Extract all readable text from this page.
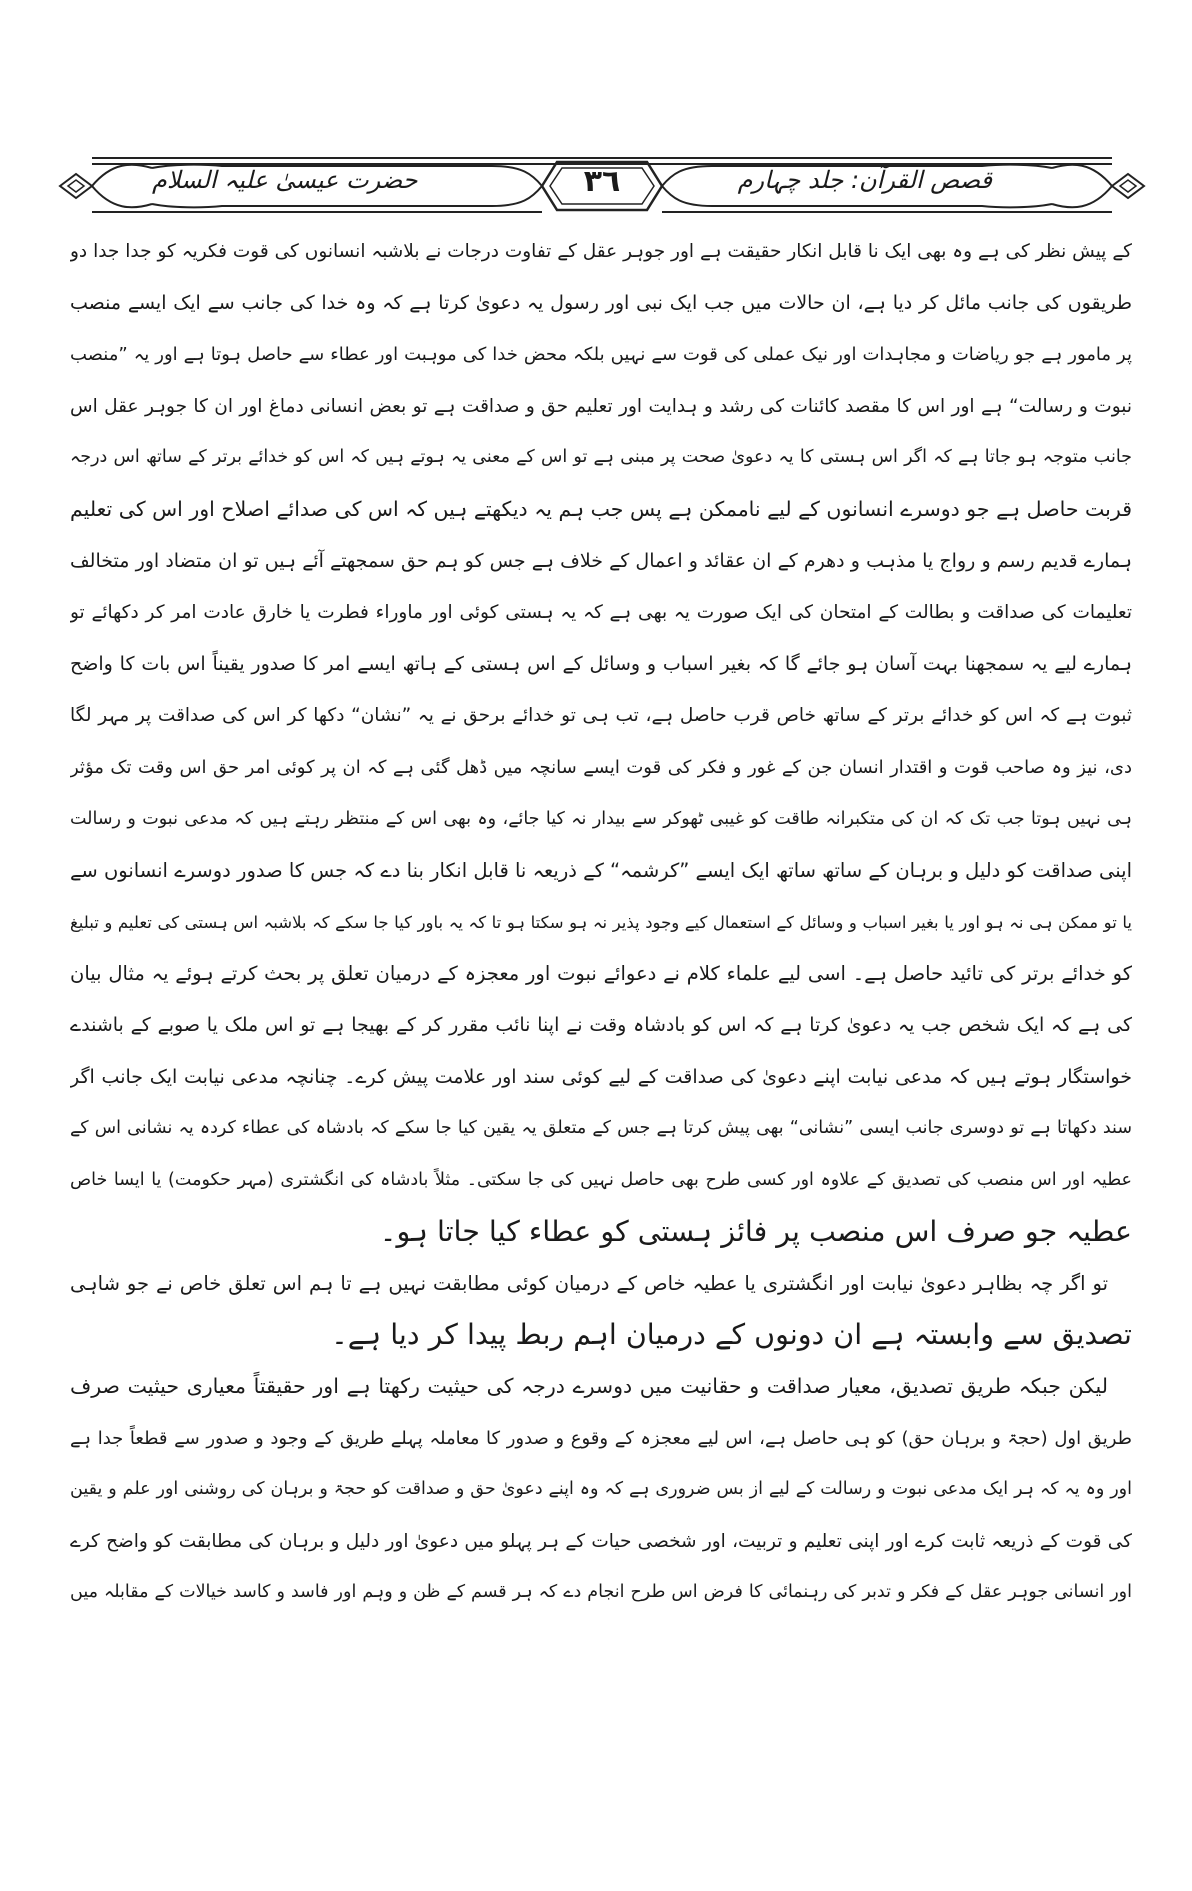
قصص القرآن: جلد چہارم
٣٦
حضرت عیسیٰ علیہ السلام
کے پیش نظر کی ہے وہ بھی ایک نا قابل انکار حقیقت ہے اور جوہر عقل کے تفاوت درجات نے بلاشبہ انسانوں کی قوت فکریہ کو جدا جدا دو
طریقوں کی جانب مائل کر دیا ہے، ان حالات میں جب ایک نبی اور رسول یہ دعویٰ کرتا ہے کہ وہ خدا کی جانب سے ایک ایسے منصب
پر مامور ہے جو ریاضات و مجاہدات اور نیک عملی کی قوت سے نہیں بلکہ محض خدا کی موہبت اور عطاء سے حاصل ہوتا ہے اور یہ ”منصب
نبوت و رسالت“ ہے اور اس کا مقصد کائنات کی رشد و ہدایت اور تعلیم حق و صداقت ہے تو بعض انسانی دماغ اور ان کا جوہر عقل اس
جانب متوجہ ہو جاتا ہے کہ اگر اس ہستی کا یہ دعویٰ صحت پر مبنی ہے تو اس کے معنی یہ ہوتے ہیں کہ اس کو خدائے برتر کے ساتھ اس درجہ
قربت حاصل ہے جو دوسرے انسانوں کے لیے ناممکن ہے پس جب ہم یہ دیکھتے ہیں کہ اس کی صدائے اصلاح اور اس کی تعلیم
ہمارے قدیم رسم و رواج یا مذہب و دھرم کے ان عقائد و اعمال کے خلاف ہے جس کو ہم حق سمجھتے آئے ہیں تو ان متضاد اور متخالف
تعلیمات کی صداقت و بطالت کے امتحان کی ایک صورت یہ بھی ہے کہ یہ ہستی کوئی اور ماوراء فطرت یا خارق عادت امر کر دکھائے تو
ہمارے لیے یہ سمجھنا بہت آسان ہو جائے گا کہ بغیر اسباب و وسائل کے اس ہستی کے ہاتھ ایسے امر کا صدور یقیناً اس بات کا واضح
ثبوت ہے کہ اس کو خدائے برتر کے ساتھ خاص قرب حاصل ہے، تب ہی تو خدائے برحق نے یہ ”نشان“ دکھا کر اس کی صداقت پر مہر لگا
دی، نیز وہ صاحب قوت و اقتدار انسان جن کے غور و فکر کی قوت ایسے سانچہ میں ڈھل گئی ہے کہ ان پر کوئی امر حق اس وقت تک مؤثر
ہی نہیں ہوتا جب تک کہ ان کی متکبرانہ طاقت کو غیبی ٹھوکر سے بیدار نہ کیا جائے، وہ بھی اس کے منتظر رہتے ہیں کہ مدعی نبوت و رسالت
اپنی صداقت کو دلیل و برہان کے ساتھ ساتھ ایک ایسے ”کرشمہ“ کے ذریعہ نا قابل انکار بنا دے کہ جس کا صدور دوسرے انسانوں سے
یا تو ممکن ہی نہ ہو اور یا بغیر اسباب و وسائل کے استعمال کیے وجود پذیر نہ ہو سکتا ہو تا کہ یہ باور کیا جا سکے کہ بلاشبہ اس ہستی کی تعلیم و تبلیغ
کو خدائے برتر کی تائید حاصل ہے۔ اسی لیے علماء کلام نے دعوائے نبوت اور معجزہ کے درمیان تعلق پر بحث کرتے ہوئے یہ مثال بیان
کی ہے کہ ایک شخص جب یہ دعویٰ کرتا ہے کہ اس کو بادشاہ وقت نے اپنا نائب مقرر کر کے بھیجا ہے تو اس ملک یا صوبے کے باشندے
خواستگار ہوتے ہیں کہ مدعی نیابت اپنے دعویٰ کی صداقت کے لیے کوئی سند اور علامت پیش کرے۔ چنانچہ مدعی نیابت ایک جانب اگر
سند دکھاتا ہے تو دوسری جانب ایسی ”نشانی“ بھی پیش کرتا ہے جس کے متعلق یہ یقین کیا جا سکے کہ بادشاہ کی عطاء کردہ یہ نشانی اس کے
عطیہ اور اس منصب کی تصدیق کے علاوہ اور کسی طرح بھی حاصل نہیں کی جا سکتی۔ مثلاً بادشاہ کی انگشتری (مہر حکومت) یا ایسا خاص
عطیہ جو صرف اس منصب پر فائز ہستی کو عطاء کیا جاتا ہو۔
تو اگر چہ بظاہر دعویٰ نیابت اور انگشتری یا عطیہ خاص کے درمیان کوئی مطابقت نہیں ہے تا ہم اس تعلق خاص نے جو شاہی
تصدیق سے وابستہ ہے ان دونوں کے درمیان اہم ربط پیدا کر دیا ہے۔
لیکن جبکہ طریق تصدیق، معیار صداقت و حقانیت میں دوسرے درجہ کی حیثیت رکھتا ہے اور حقیقتاً معیاری حیثیت صرف
طریق اول (حجۃ و برہان حق) کو ہی حاصل ہے، اس لیے معجزہ کے وقوع و صدور کا معاملہ پہلے طریق کے وجود و صدور سے قطعاً جدا ہے
اور وہ یہ کہ ہر ایک مدعی نبوت و رسالت کے لیے از بس ضروری ہے کہ وہ اپنے دعویٰ حق و صداقت کو حجۃ و برہان کی روشنی اور علم و یقین
کی قوت کے ذریعہ ثابت کرے اور اپنی تعلیم و تربیت، اور شخصی حیات کے ہر پہلو میں دعویٰ اور دلیل و برہان کی مطابقت کو واضح کرے
اور انسانی جوہر عقل کے فکر و تدبر کی رہنمائی کا فرض اس طرح انجام دے کہ ہر قسم کے ظن و وہم اور فاسد و کاسد خیالات کے مقابلہ میں
